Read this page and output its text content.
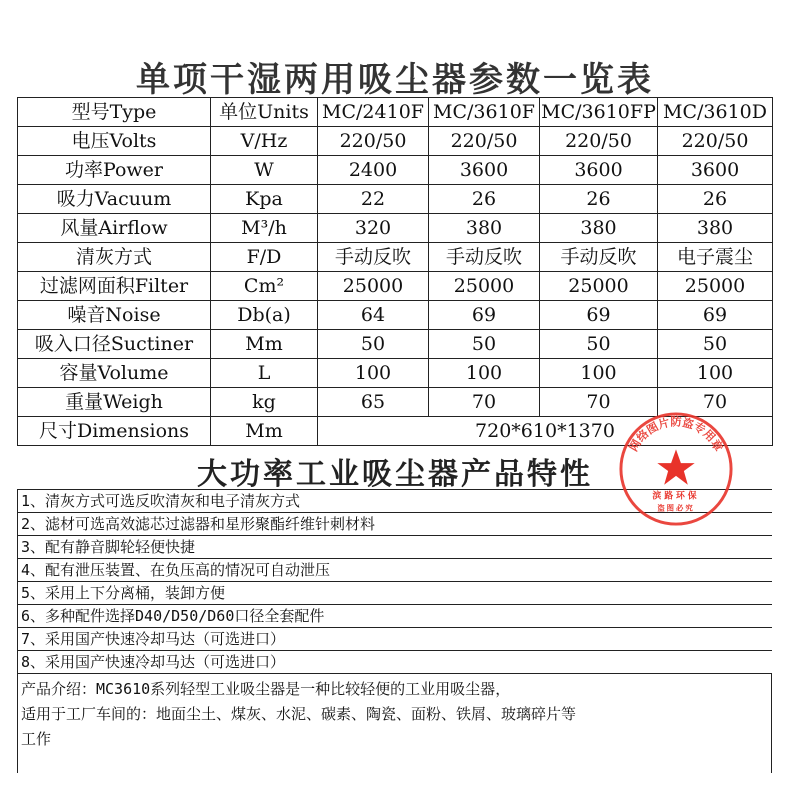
单项干湿两用吸尘器参数一览表
型号Type	单位Units	MC/2410F	MC/3610F	MC/3610FP	MC/3610D
电压Volts	V/Hz	220/50	220/50	220/50	220/50
功率Power	W	2400	3600	3600	3600
吸力Vacuum	Kpa	22	26	26	26
风量Airflow	M³/h	320	380	380	380
清灰方式	F/D	手动反吹	手动反吹	手动反吹	电子震尘
过滤网面积Filter	Cm²	25000	25000	25000	25000
噪音Noise	Db(a)	64	69	69	69
吸入口径Suctiner	Mm	50	50	50	50
容量Volume	L	100	100	100	100
重量Weigh	kg	65	70	70	70
尺寸Dimensions	Mm	720*610*1370			
大功率工业吸尘器产品特性
1、清灰方式可选反吹清灰和电子清灰方式
2、滤材可选高效滤芯过滤器和星形聚酯纤维针刺材料
3、配有静音脚轮轻便快捷
4、配有泄压装置、在负压高的情况可自动泄压
5、采用上下分离桶，装卸方便
6、多种配件选择D40/D50/D60口径全套配件
7、采用国产快速冷却马达（可选进口）
8、采用国产快速冷却马达（可选进口）
产品介绍：MC3610系列轻型工业吸尘器是一种比较轻便的工业用吸尘器，
适用于工厂车间的：地面尘土、煤灰、水泥、碳素、陶瓷、面粉、铁屑、玻璃碎片等
工作
网络图片防盗专用章
滨路环保
盗图必究
